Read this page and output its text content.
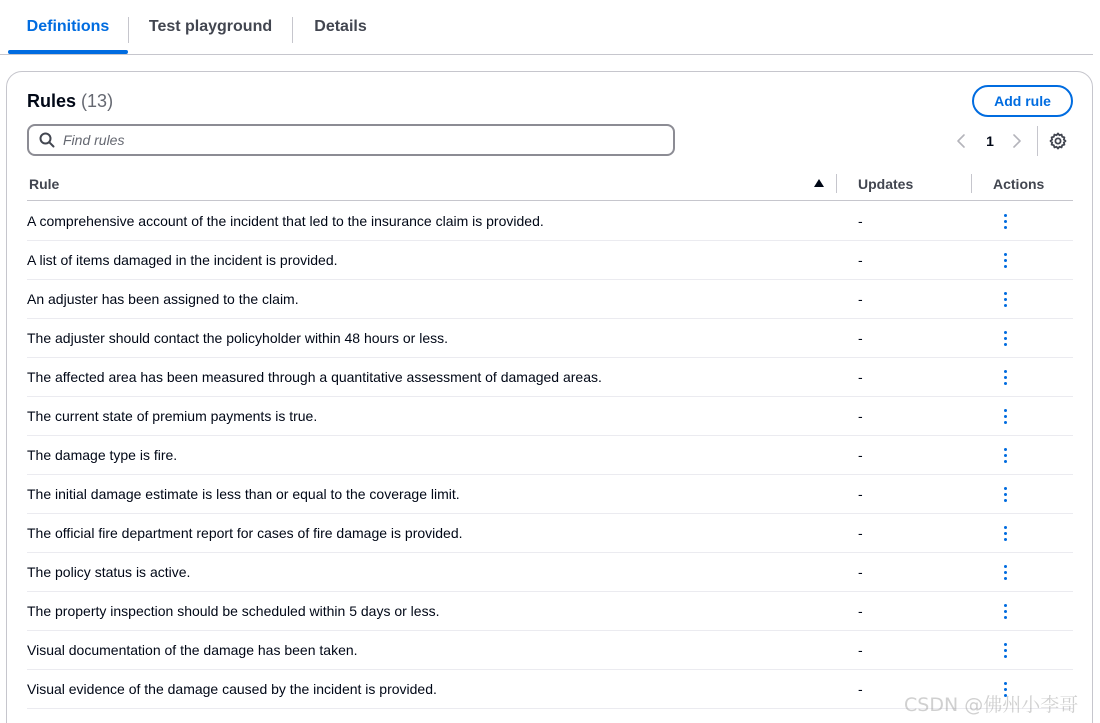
Definitions	Test playground	Details
Rules (13)	Add rule
Find rules
1
Rule	Updates	Actions
A comprehensive account of the incident that led to the insurance claim is provided.	-
A list of items damaged in the incident is provided.	-
An adjuster has been assigned to the claim.	-
The adjuster should contact the policyholder within 48 hours or less.	-
The affected area has been measured through a quantitative assessment of damaged areas.	-
The current state of premium payments is true.	-
The damage type is fire.	-
The initial damage estimate is less than or equal to the coverage limit.	-
The official fire department report for cases of fire damage is provided.	-
The policy status is active.	-
The property inspection should be scheduled within 5 days or less.	-
Visual documentation of the damage has been taken.	-
Visual evidence of the damage caused by the incident is provided.	-
CSDN @佛州小李哥
